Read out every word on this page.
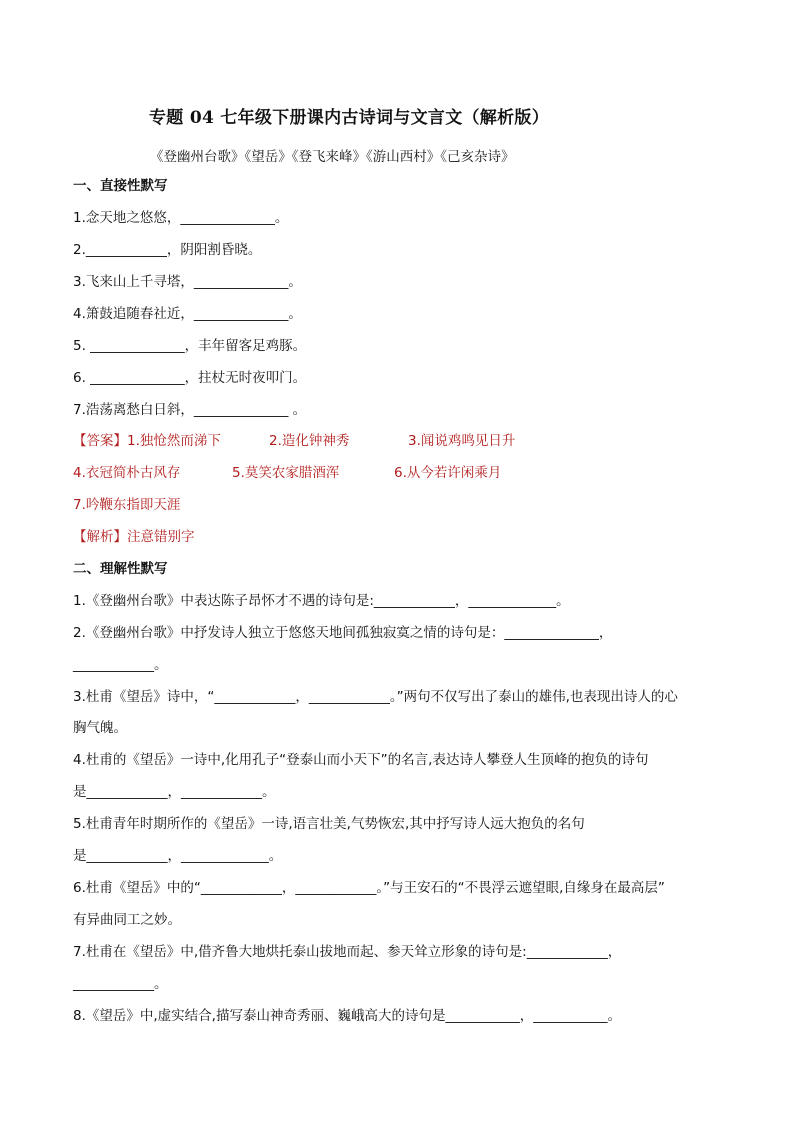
专题 04 七年级下册课内古诗词与文言文（解析版）
《登幽州台歌》《望岳》《登飞来峰》《游山西村》《己亥杂诗》
一、直接性默写
1.念天地之悠悠，______________。
2.____________，阴阳割昏晓。
3.飞来山上千寻塔，______________。
4.箫鼓追随春社近，______________。
5. ______________，丰年留客足鸡豚。
6. ______________，拄杖无时夜叩门。
7.浩荡离愁白日斜，______________ 。
【答案】1.独怆然而涕下	2.造化钟神秀	3.闻说鸡鸣见日升
4.衣冠简朴古风存	5.莫笑农家腊酒浑	6.从今若许闲乘月
7.吟鞭东指即天涯
【解析】注意错别字
二、理解性默写
1.《登幽州台歌》中表达陈子昂怀才不遇的诗句是:____________，_____________。
2.《登幽州台歌》中抒发诗人独立于悠悠天地间孤独寂寞之情的诗句是：______________，
____________。
3.杜甫《望岳》诗中，“____________，____________。”两句不仅写出了泰山的雄伟,也表现出诗人的心
胸气魄。
4.杜甫的《望岳》一诗中,化用孔子“登泰山而小天下”的名言,表达诗人攀登人生顶峰的抱负的诗句
是____________，____________。
5.杜甫青年时期所作的《望岳》一诗,语言壮美,气势恢宏,其中抒写诗人远大抱负的名句
是____________，_____________。
6.杜甫《望岳》中的“____________，____________。”与王安石的“不畏浮云遮望眼,自缘身在最高层”
有异曲同工之妙。
7.杜甫在《望岳》中,借齐鲁大地烘托泰山拔地而起、参天耸立形象的诗句是:____________，
____________。
8.《望岳》中,虚实结合,描写泰山神奇秀丽、巍峨高大的诗句是___________，___________。
